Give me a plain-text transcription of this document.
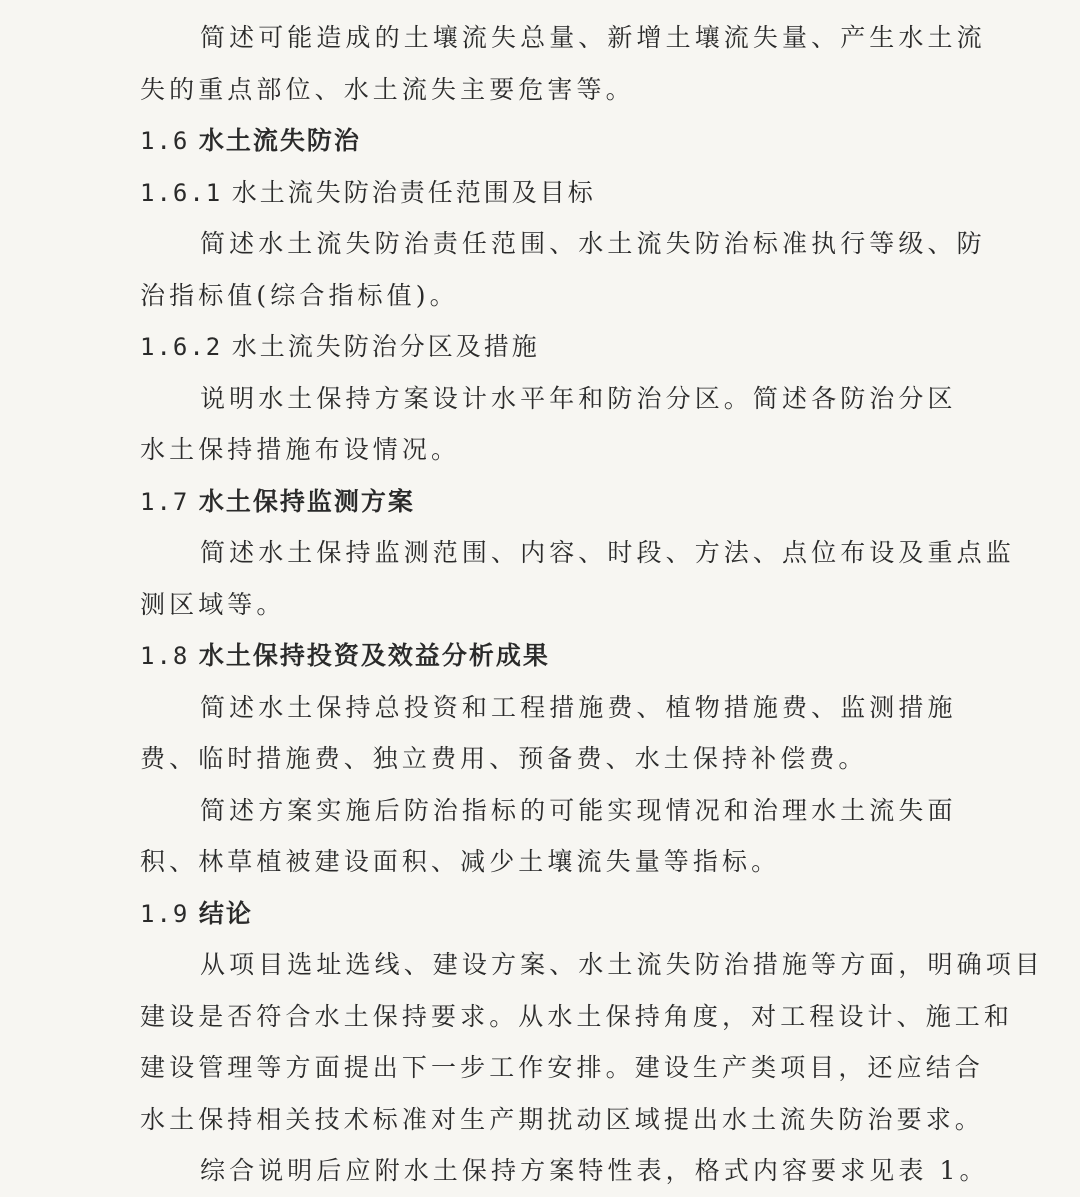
简述可能造成的土壤流失总量、新增土壤流失量、产生水土流
失的重点部位、水土流失主要危害等。
1.6 水土流失防治
1.6.1 水土流失防治责任范围及目标
简述水土流失防治责任范围、水土流失防治标准执行等级、防
治指标值(综合指标值)。
1.6.2 水土流失防治分区及措施
说明水土保持方案设计水平年和防治分区。简述各防治分区
水土保持措施布设情况。
1.7 水土保持监测方案
简述水土保持监测范围、内容、时段、方法、点位布设及重点监
测区域等。
1.8 水土保持投资及效益分析成果
简述水土保持总投资和工程措施费、植物措施费、监测措施
费、临时措施费、独立费用、预备费、水土保持补偿费。
简述方案实施后防治指标的可能实现情况和治理水土流失面
积、林草植被建设面积、减少土壤流失量等指标。
1.9 结论
从项目选址选线、建设方案、水土流失防治措施等方面，明确项目
建设是否符合水土保持要求。从水土保持角度，对工程设计、施工和
建设管理等方面提出下一步工作安排。建设生产类项目，还应结合
水土保持相关技术标准对生产期扰动区域提出水土流失防治要求。
综合说明后应附水土保持方案特性表，格式内容要求见表 1。
